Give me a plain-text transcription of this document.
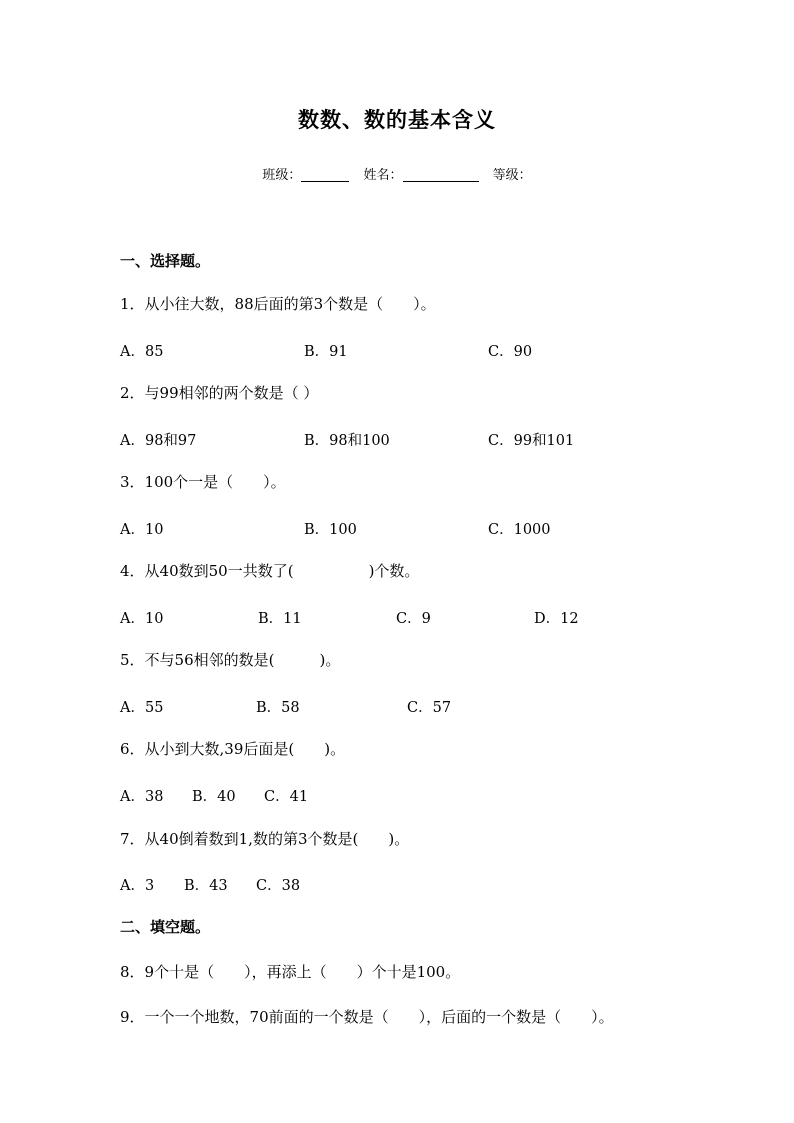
数数、数的基本含义
班级：	姓名：	等级：
一、选择题。
1．从小往大数，88后面的第3个数是（　　）。
A．85	B．91	C．90
2．与99相邻的两个数是（ ）
A．98和97	B．98和100	C．99和101
3．100个一是（　　）。
A．10	B．100	C．1000
4．从40数到50一共数了(　　　　　)个数。
A．10	B．11	C．9	D．12
5．不与56相邻的数是(　　　)。
A．55	B．58	C．57
6．从小到大数,39后面是(　　)。
A．38 B．40 C．41
7．从40倒着数到1,数的第3个数是(　　)。
A．3 B．43 C．38
二、填空题。
8．9个十是（　　），再添上（　　）个十是100。
9．一个一个地数，70前面的一个数是（　　），后面的一个数是（　　）。
